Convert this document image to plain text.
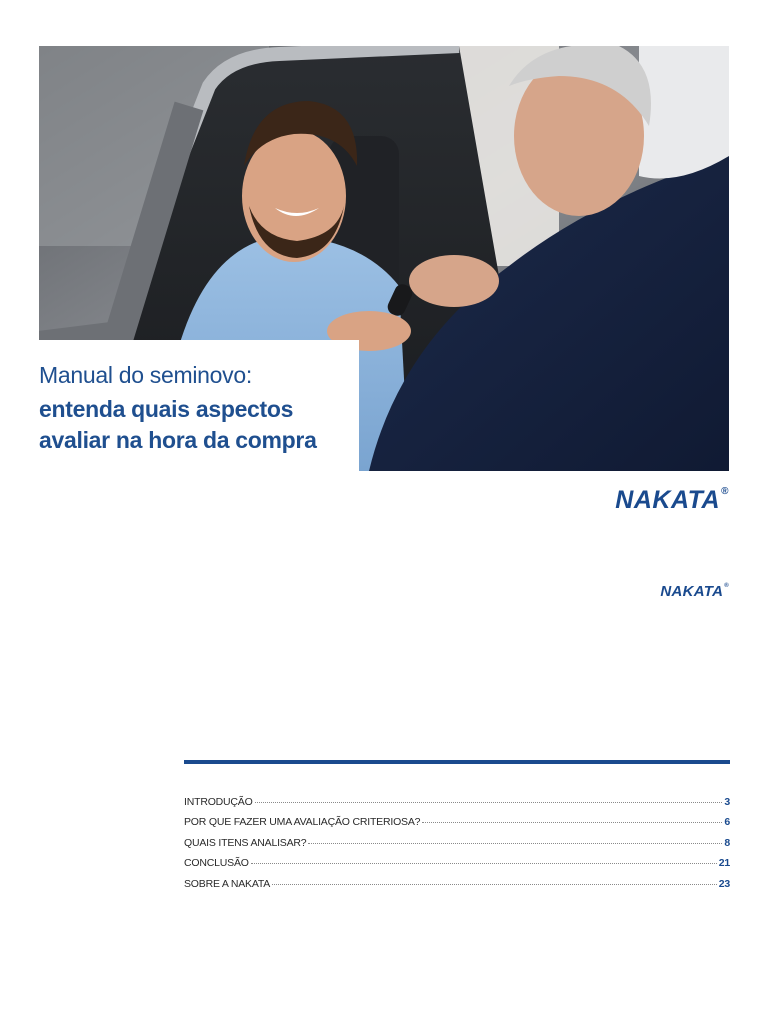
Manual do seminovo:
entenda quais aspectos avaliar na hora da compra
NAKATA®
NAKATA®
INTRODUÇÃO	3
POR QUE FAZER UMA AVALIAÇÃO CRITERIOSA?	6
QUAIS ITENS ANALISAR?	8
CONCLUSÃO	21
SOBRE A NAKATA	23
